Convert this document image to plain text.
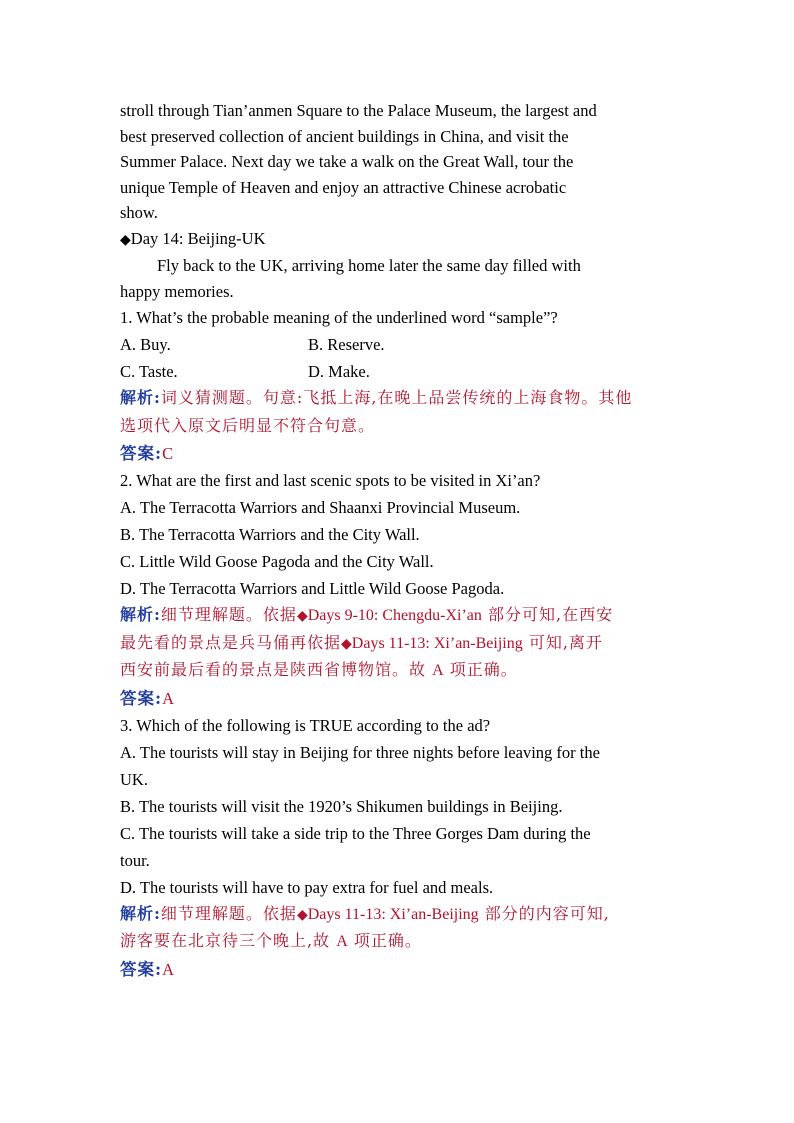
stroll through Tian’anmen Square to the Palace Museum, the largest and
best preserved collection of ancient buildings in China, and visit the
Summer Palace. Next day we take a walk on the Great Wall, tour the
unique Temple of Heaven and enjoy an attractive Chinese acrobatic
show.
◆Day 14: Beijing-UK
Fly back to the UK, arriving home later the same day filled with
happy memories.
1. What’s the probable meaning of the underlined word “sample”?
A. Buy.	B. Reserve.
C. Taste.	D. Make.
解析:词义猜测题。句意:飞抵上海,在晚上品尝传统的上海食物。其他
选项代入原文后明显不符合句意。
答案:C
2. What are the first and last scenic spots to be visited in Xi’an?
A. The Terracotta Warriors and Shaanxi Provincial Museum.
B. The Terracotta Warriors and the City Wall.
C. Little Wild Goose Pagoda and the City Wall.
D. The Terracotta Warriors and Little Wild Goose Pagoda.
解析:细节理解题。依据◆Days 9-10: Chengdu-Xi’an 部分可知,在西安
最先看的景点是兵马俑再依据◆Days 11-13: Xi’an-Beijing 可知,离开
西安前最后看的景点是陕西省博物馆。故 A 项正确。
答案:A
3. Which of the following is TRUE according to the ad?
A. The tourists will stay in Beijing for three nights before leaving for the
UK.
B. The tourists will visit the 1920’s Shikumen buildings in Beijing.
C. The tourists will take a side trip to the Three Gorges Dam during the
tour.
D. The tourists will have to pay extra for fuel and meals.
解析:细节理解题。依据◆Days 11-13: Xi’an-Beijing 部分的内容可知,
游客要在北京待三个晚上,故 A 项正确。
答案:A
